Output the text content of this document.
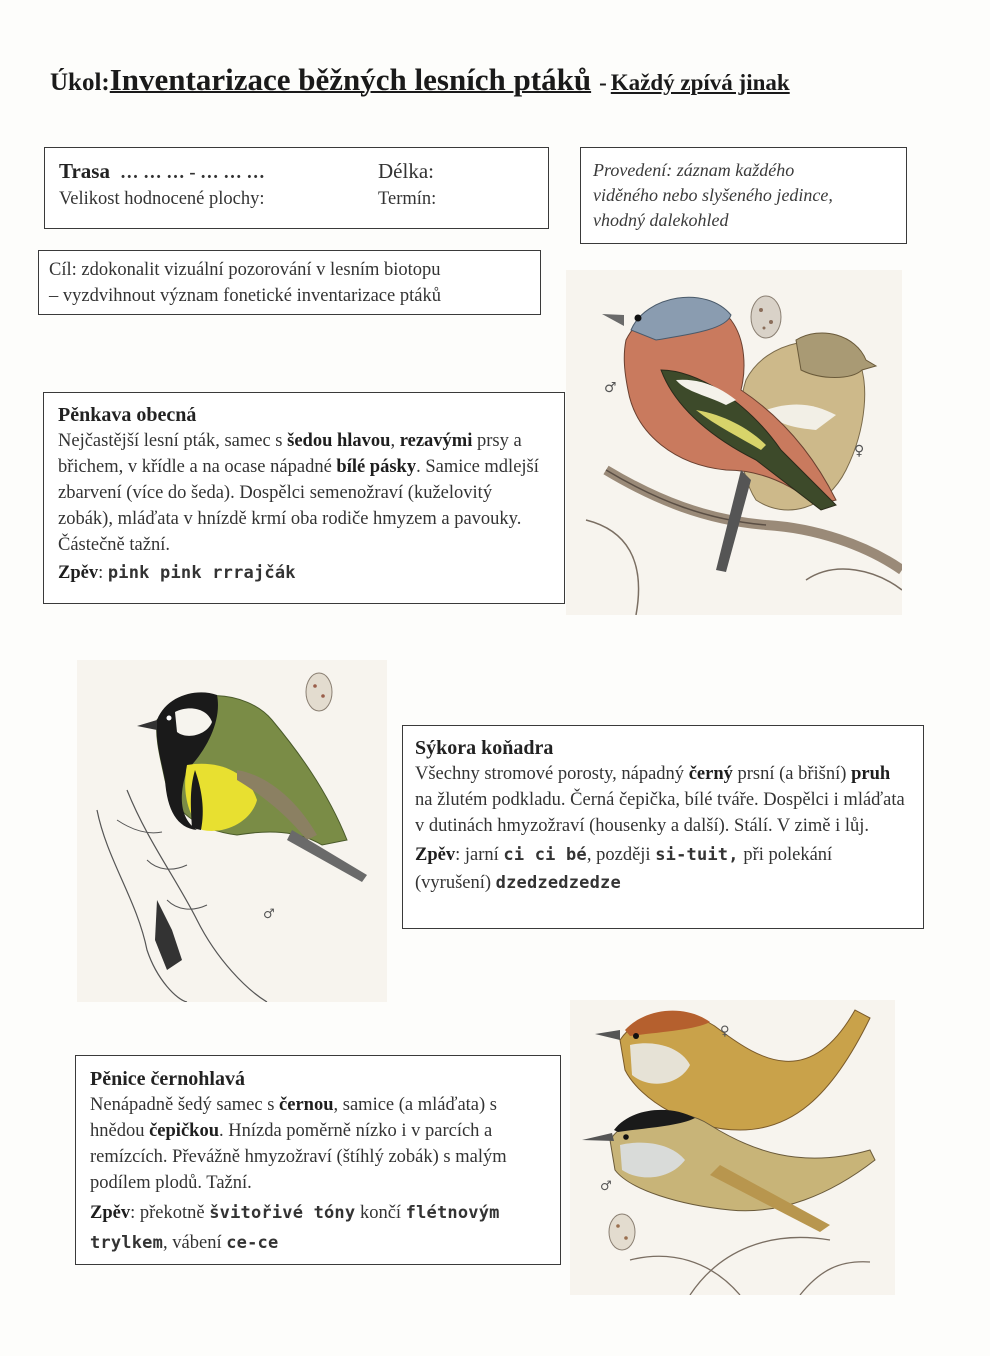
Úkol:Inventarizace běžných lesních ptáků - Každý zpívá jinak
Trasa … … … - … … …	Délka:
Velikost hodnocené plochy:	Termín:
Provedení: záznam každého
viděného nebo slyšeného jedince,
vhodný dalekohled
Cíl: zdokonalit vizuální pozorování v lesním biotopu
– vyzdvihnout význam fonetické inventarizace ptáků
♂
♀
Pěnkava obecná
Nejčastější lesní pták, samec s šedou hlavou, rezavými prsy a břichem, v křídle a na ocase nápadné bílé pásky. Samice mdlejší zbarvení (více do šeda). Dospělci semenožraví (kuželovitý zobák), mláďata v hnízdě krmí oba rodiče hmyzem a pavouky. Částečně tažní.
Zpěv: pink pink rrrajčák
♂
Sýkora koňadra
Všechny stromové porosty, nápadný černý prsní (a břišní) pruh na žlutém podkladu. Černá čepička, bílé tváře. Dospělci i mláďata v dutinách hmyzožraví (housenky a další). Stálí. V zimě i lůj.
Zpěv: jarní ci ci bé, později si-tuit, při polekání (vyrušení) dzedzedzedze
♀
♂
Pěnice černohlavá
Nenápadně šedý samec s černou, samice (a mláďata) s hnědou čepičkou. Hnízda poměrně nízko i v parcích a remízcích. Převážně hmyzožraví (štíhlý zobák) s malým podílem plodů. Tažní.
Zpěv: překotně švitořivé tóny končí flétnovým trylkem, vábení ce-ce
